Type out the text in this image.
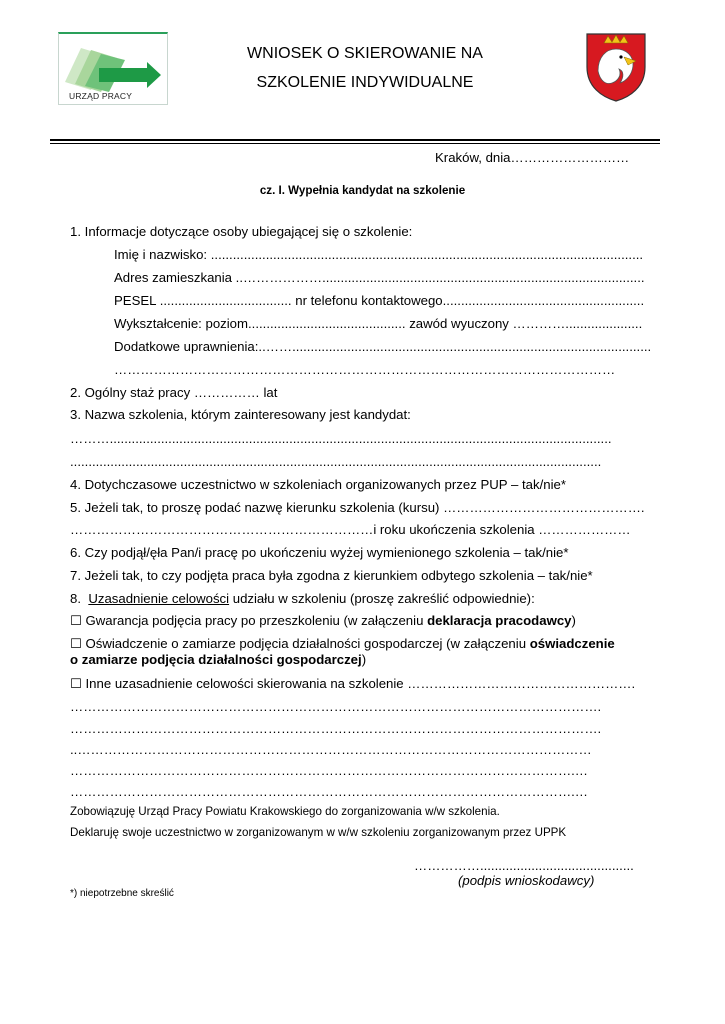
URZĄD PRACY
WNIOSEK O SKIEROWANIE NA
SZKOLENIE INDYWIDUALNE
Kraków, dnia………………………
cz. I. Wypełnia kandydat na szkolenie
1. Informacje dotyczące osoby ubiegającej się o szkolenie:
Imię i nazwisko: ......................................................................................................................
Adres zamieszkania ..………………........................................................................................
PESEL .................................... nr telefonu kontaktowego.......................................................
Wykształcenie: poziom........................................... zawód wyuczony ………….....................
Dodatkowe uprawnienia:..……..................................................................................................
……………………………………………………………………………………………………
2. Ogólny staż pracy …………… lat
3. Nazwa szkolenia, którym zainteresowany jest kandydat:
……….........................................................................................................................................
.................................................................................................................................................
4. Dotychczasowe uczestnictwo w szkoleniach organizowanych przez PUP – tak/nie*
5. Jeżeli tak, to proszę podać nazwę kierunku szkolenia (kursu) ……………………………………….
……………………………………………………………i roku ukończenia szkolenia …………………
6. Czy podjął/ęła Pan/i pracę po ukończeniu wyżej wymienionego szkolenia – tak/nie*
7. Jeżeli tak, to czy podjęta praca była zgodna z kierunkiem odbytego szkolenia – tak/nie*
8.  Uzasadnienie celowości udziału w szkoleniu (proszę zakreślić odpowiednie):
☐ Gwarancja podjęcia pracy po przeszkoleniu (w załączeniu deklaracja pracodawcy)
☐ Oświadczenie o zamiarze podjęcia działalności gospodarczej (w załączeniu oświadczenie
o zamiarze podjęcia działalności gospodarczej)
☐ Inne uzasadnienie celowości skierowania na szkolenie …………………………………………….
………………………………………………………………………………………………………….
………………………………………………………………………………………………………….
..………………………………………………………………………………………………………
…………………………………………………………………………………………………….…
…………………………………………………………………………………………………….…
Zobowiązuję Urząd Pracy Powiatu Krakowskiego do zorganizowania w/w szkolenia.
Deklaruję swoje uczestnictwo w zorganizowanym w w/w szkoleniu zorganizowanym przez UPPK
……………..........................................
(podpis wnioskodawcy)
*) niepotrzebne skreślić
